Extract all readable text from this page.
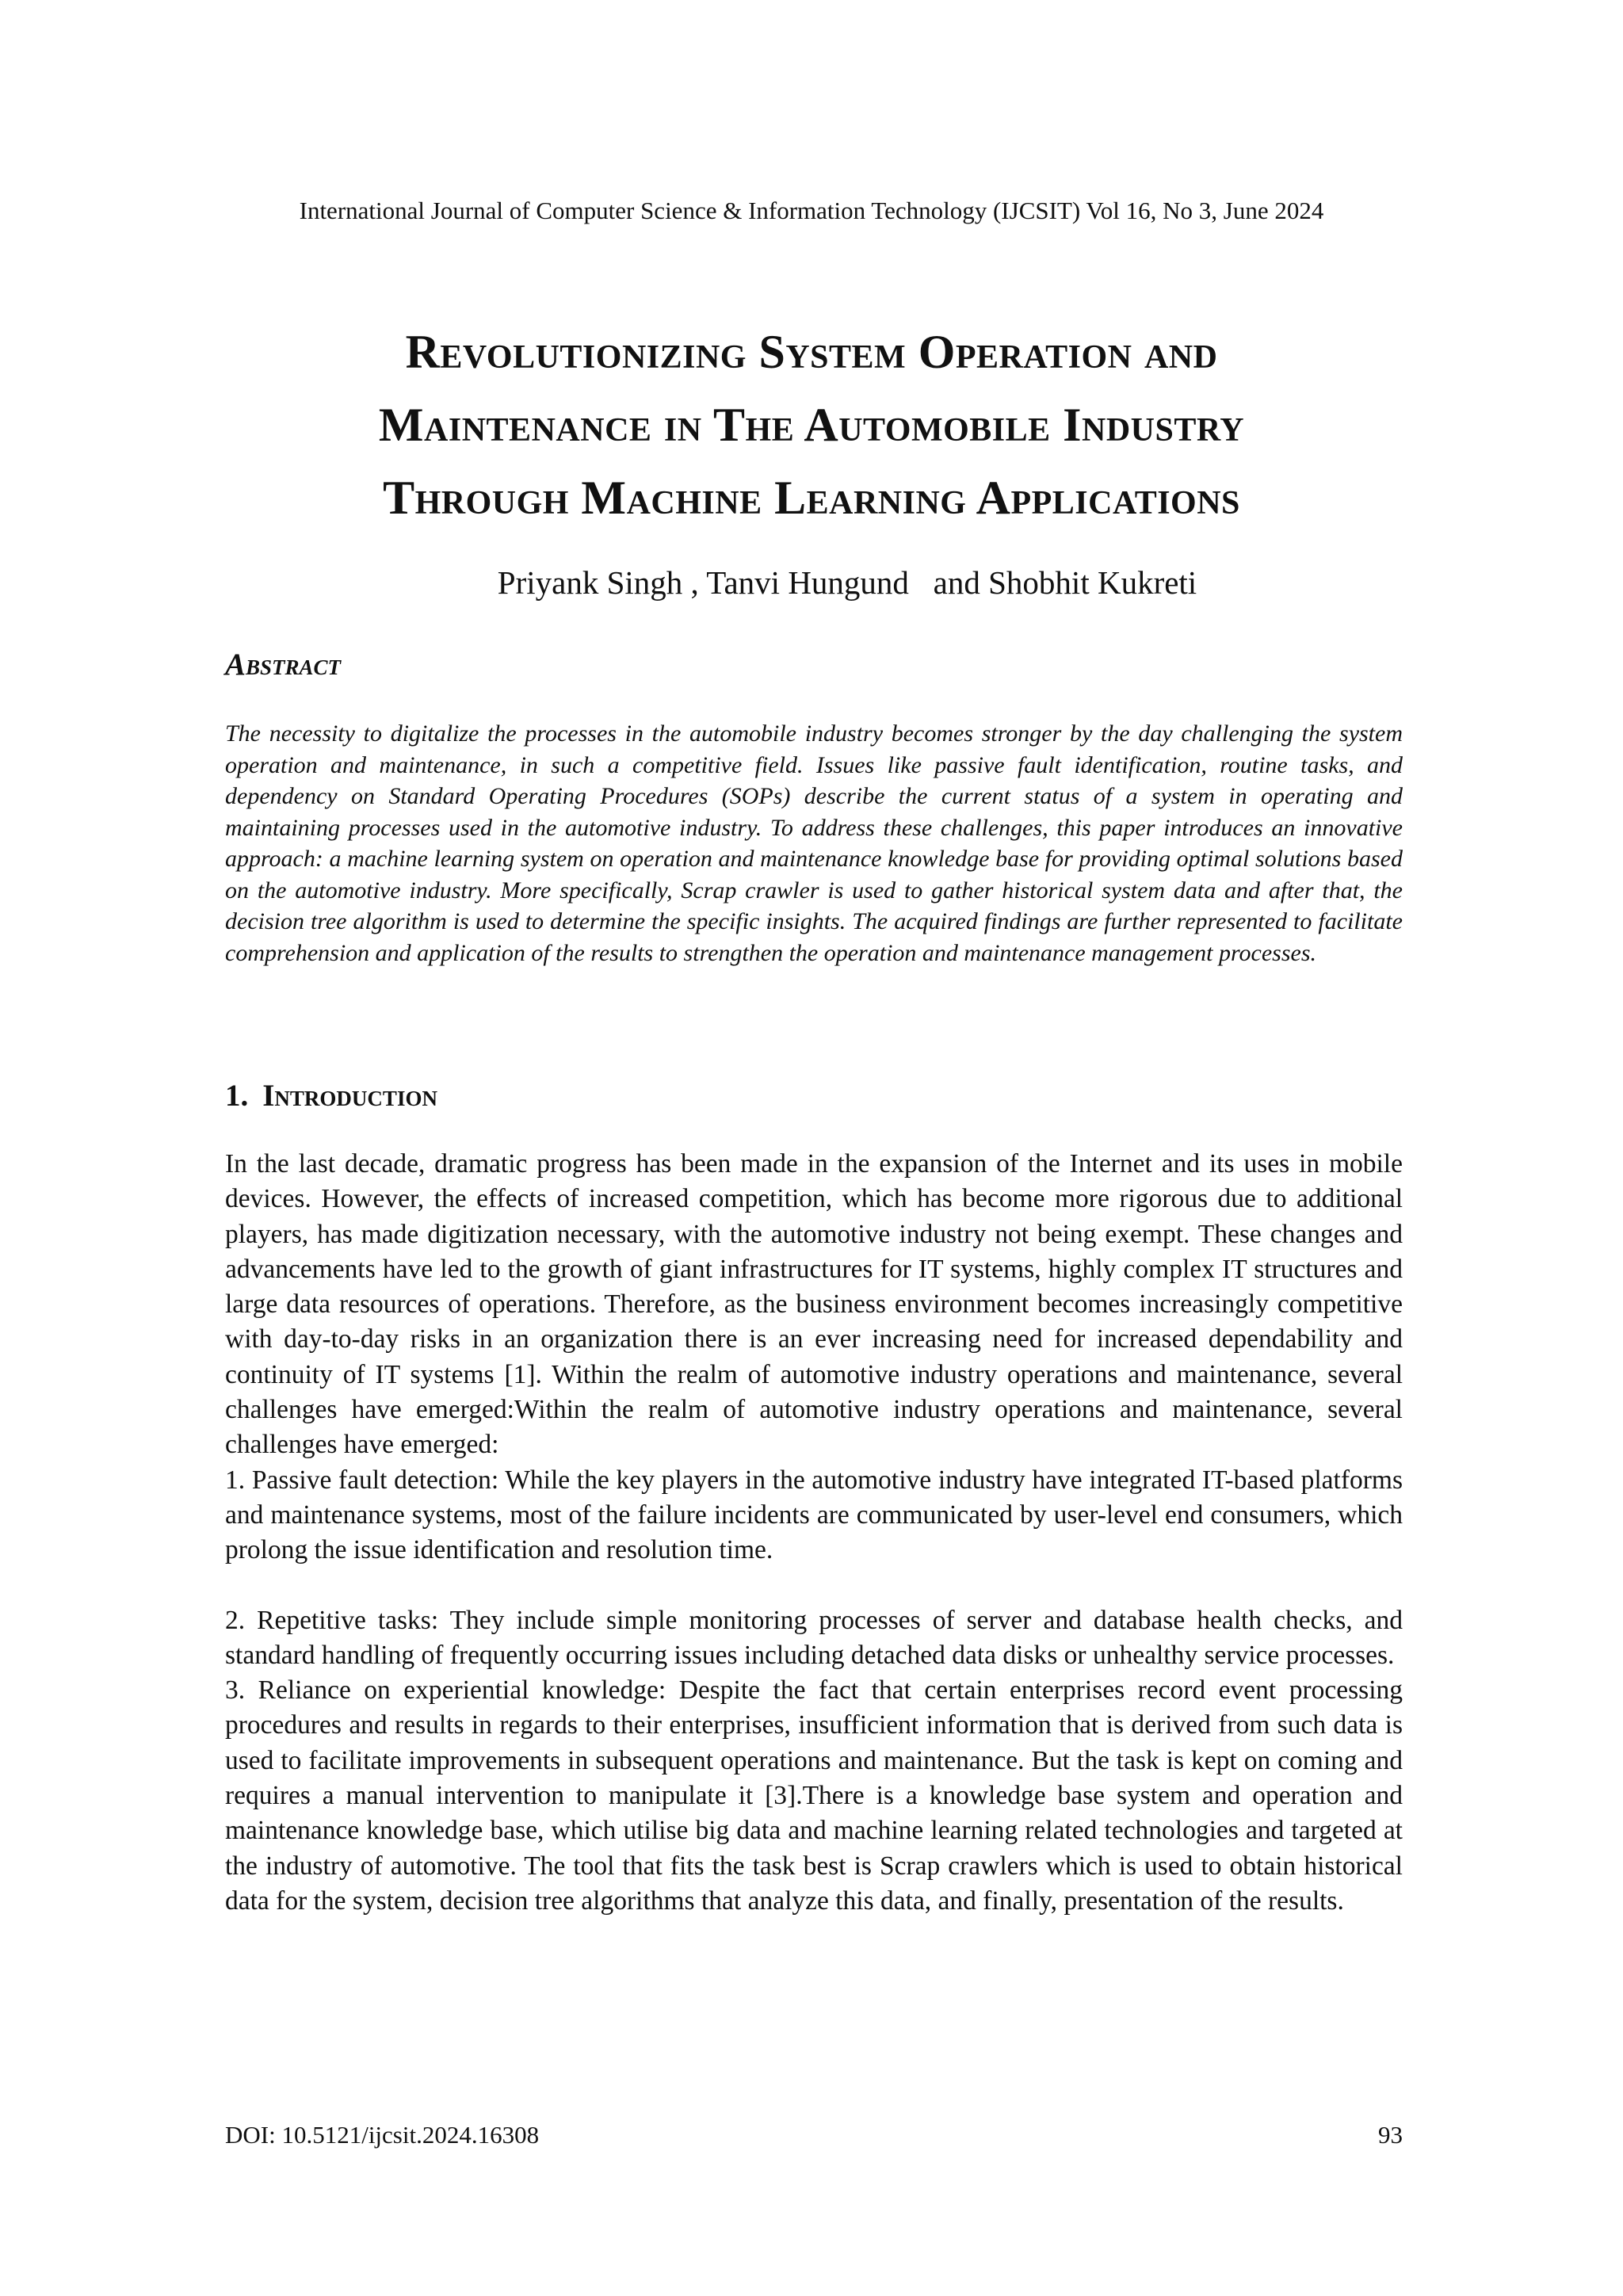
International Journal of Computer Science & Information Technology (IJCSIT) Vol 16, No 3, June 2024
Revolutionizing System Operation and
Maintenance in The Automobile Industry
Through Machine Learning Applications
Priyank Singh , Tanvi Hungund   and Shobhit Kukreti
Abstract

The necessity to digitalize the processes in the automobile industry becomes stronger by the day challenging the system operation and maintenance, in such a competitive field. Issues like passive fault identification, routine tasks, and dependency on Standard Operating Procedures (SOPs) describe the current status of a system in operating and maintaining processes used in the automotive industry. To address these challenges, this paper introduces an innovative approach: a machine learning system on operation and maintenance knowledge base for providing optimal solutions based on the automotive industry. More specifically, Scrap crawler is used to gather historical system data and after that, the decision tree algorithm is used to determine the specific insights. The acquired findings are further represented to facilitate comprehension and application of the results to strengthen the operation and maintenance management processes.

1. Introduction

In the last decade, dramatic progress has been made in the expansion of the Internet and its uses in mobile devices. However, the effects of increased competition, which has become more rigorous due to additional players, has made digitization necessary, with the automotive industry not being exempt. These changes and advancements have led to the growth of giant infrastructures for IT systems, highly complex IT structures and large data resources of operations. Therefore, as the business environment becomes increasingly competitive with day-to-day risks in an organization there is an ever increasing need for increased dependability and continuity of IT systems [1]. Within the realm of automotive industry operations and maintenance, several challenges have emerged:Within the realm of automotive industry operations and maintenance, several challenges have emerged:

1. Passive fault detection: While the key players in the automotive industry have integrated IT-based platforms and maintenance systems, most of the failure incidents are communicated by user-level end consumers, which prolong the issue identification and resolution time.

2. Repetitive tasks: They include simple monitoring processes of server and database health checks, and standard handling of frequently occurring issues including detached data disks or unhealthy service processes.

3. Reliance on experiential knowledge: Despite the fact that certain enterprises record event processing procedures and results in regards to their enterprises, insufficient information that is derived from such data is used to facilitate improvements in subsequent operations and maintenance. But the task is kept on coming and requires a manual intervention to manipulate it [3].There is a knowledge base system and operation and maintenance knowledge base, which utilise big data and machine learning related technologies and targeted at the industry of automotive. The tool that fits the task best is Scrap crawlers which is used to obtain historical data for the system, decision tree algorithms that analyze this data, and finally, presentation of the results.

DOI: 10.5121/ijcsit.2024.16308	93
